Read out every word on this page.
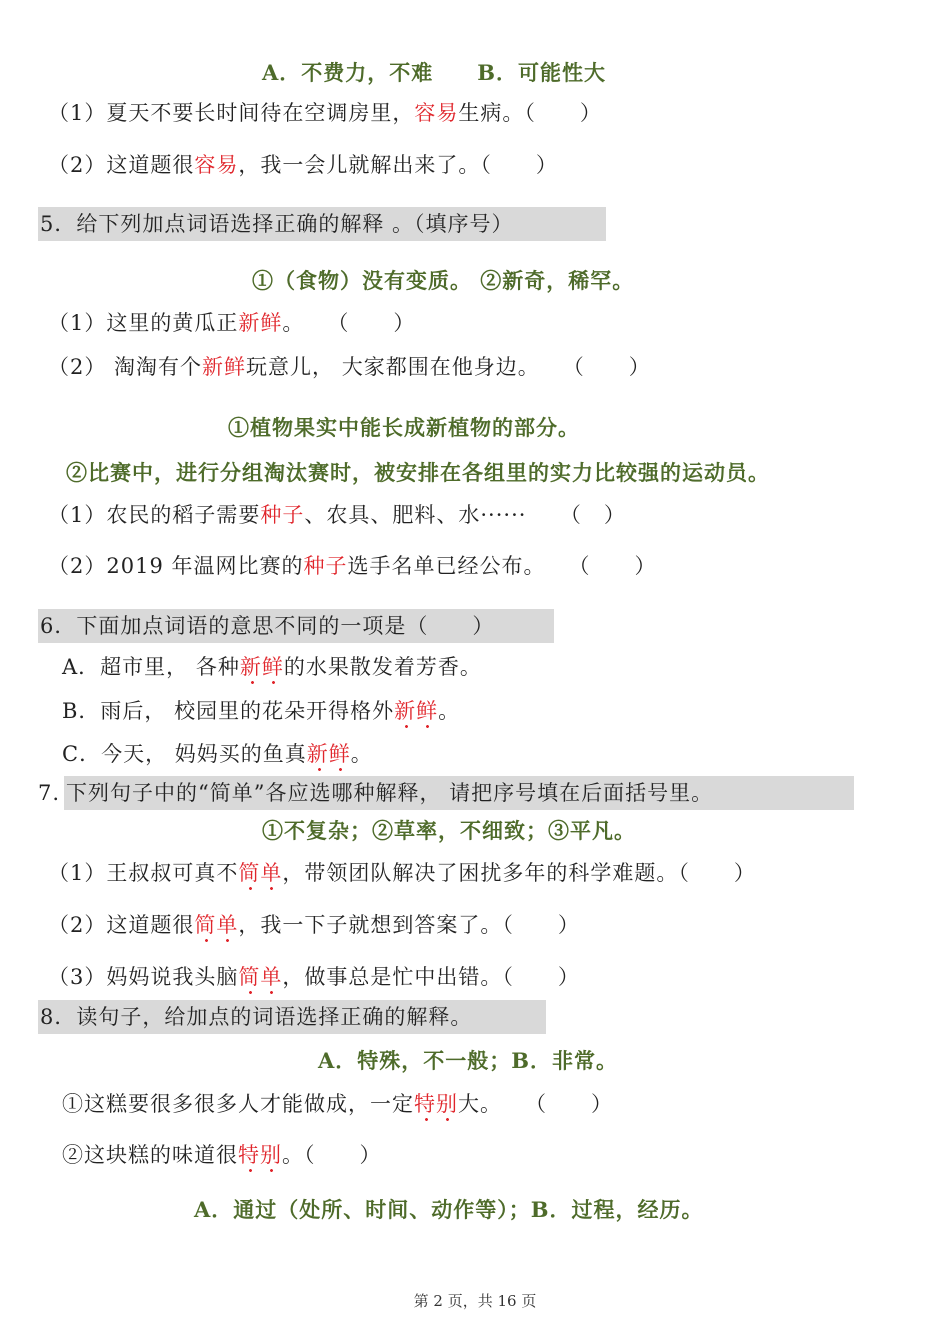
A．不费力，不难　　B．可能性大
（1）夏天不要长时间待在空调房里，容易生病。（　　）
（2）这道题很容易，我一会儿就解出来了。（　　）
5．给下列加点词语选择正确的解释 。（填序号）
①（食物）没有变质。 ②新奇，稀罕。
（1）这里的黄瓜正新鲜。　　（　　）
（2） 淘淘有个新鲜玩意儿， 大家都围在他身边。　　（　　）
①植物果实中能长成新植物的部分。
②比赛中，进行分组淘汰赛时，被安排在各组里的实力比较强的运动员。
（1）农民的稻子需要种子、农具、肥料、水······　　（　）
（2）2019 年温网比赛的种子选手名单已经公布。　　（　　）
6．下面加点词语的意思不同的一项是（　　）
A．超市里， 各种新鲜的水果散发着芳香。
B．雨后， 校园里的花朵开得格外新鲜。
C．今天， 妈妈买的鱼真新鲜。
7. 下列句子中的“简单”各应选哪种解释， 请把序号填在后面括号里。
①不复杂；②草率，不细致；③平凡。
（1）王叔叔可真不简单，带领团队解决了困扰多年的科学难题。（　　）
（2）这道题很简单，我一下子就想到答案了。（　　）
（3）妈妈说我头脑简单，做事总是忙中出错。（　　）
8．读句子，给加点的词语选择正确的解释。
A．特殊，不一般；B．非常。
①这糕要很多很多人才能做成，一定特别大。　　（　　）
②这块糕的味道很特别。（　　）
A．通过（处所、时间、动作等）；B．过程，经历。
第 2 页，共 16 页
